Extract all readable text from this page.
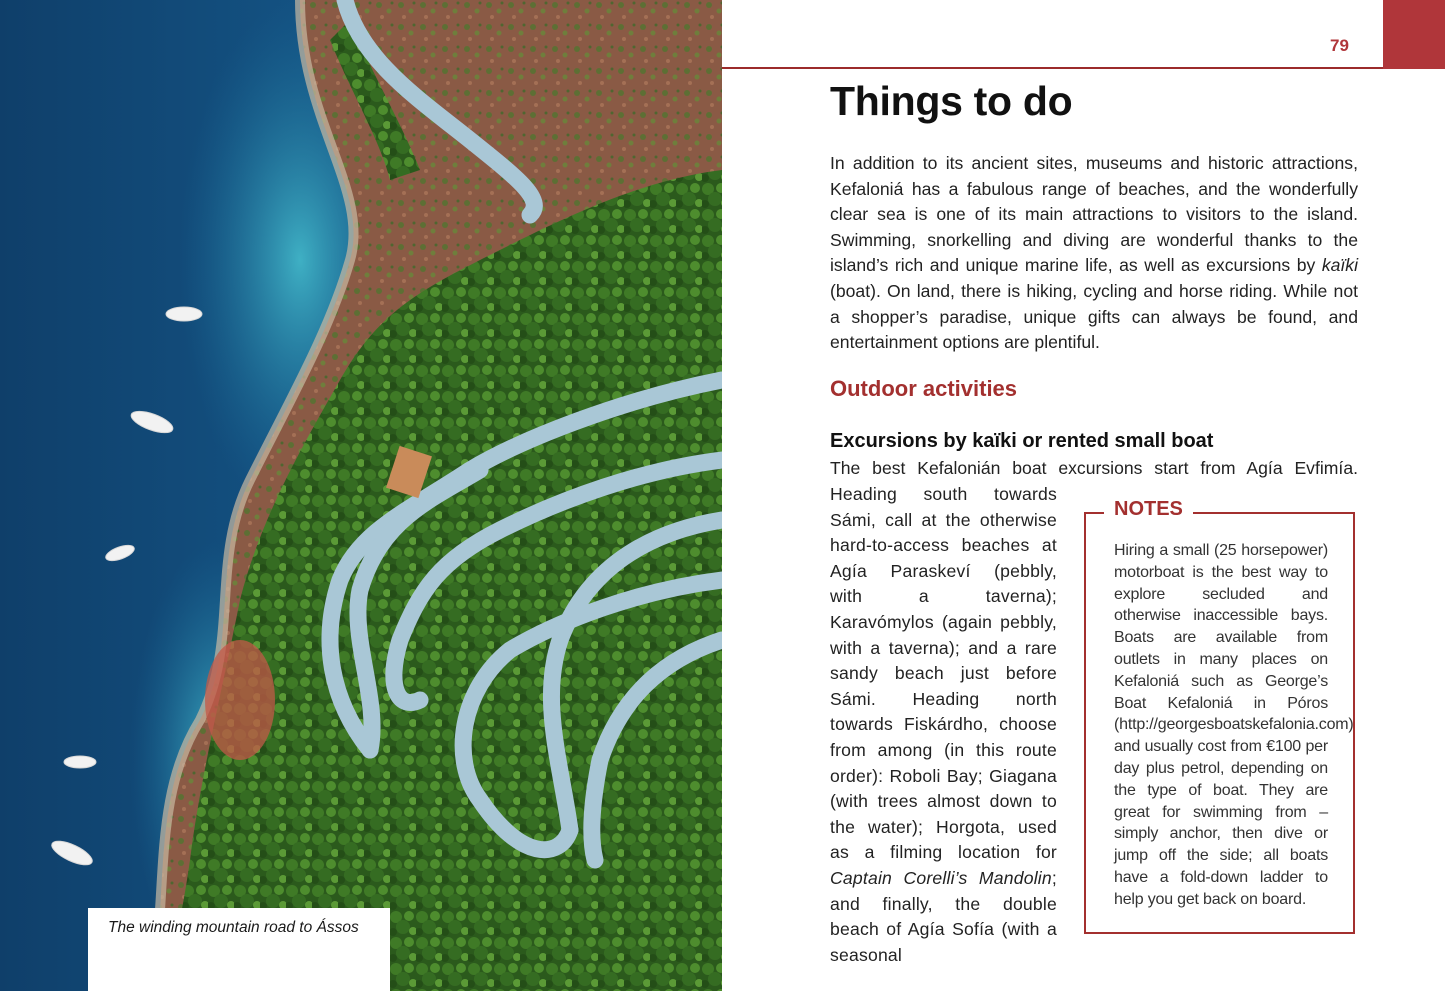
The winding mountain road to Ássos
79
Things to do

In addition to its ancient sites, museums and historic attractions, Kefaloniá has a fabulous range of beaches, and the wonderfully clear sea is one of its main attractions to visitors to the island. Swimming, snorkelling and diving are wonderful thanks to the island’s rich and unique marine life, as well as excursions by kaïki (boat). On land, there is hiking, cycling and horse riding. While not a shopper’s paradise, unique gifts can always be found, and entertainment options are plentiful.

Outdoor activities
Excursions by kaïki or rented small boat

The best Kefalonián boat excursions start from Agía Evfimía.

Heading south towards Sámi, call at the otherwise hard-to-access beaches at Agía Paraskeví (pebbly, with a taverna); Karavómylos (again pebbly, with a taverna); and a rare sandy beach just before Sámi. Heading north towards Fiskárdho, choose from among (in this route order): Roboli Bay; Giagana (with trees almost down to the water); Horgota, used as a filming location for Captain Corelli’s Mandolin; and finally, the double beach of Agía Sofía (with a seasonal

NOTES

Hiring a small (25 horsepower) motorboat is the best way to explore secluded and otherwise inaccessible bays. Boats are available from outlets in many places on Kefaloniá such as George’s Boat Kefaloniá in Póros (http://georgesboatskefalonia.com) and usually cost from €100 per day plus petrol, depending on the type of boat. They are great for swimming from – simply anchor, then dive or jump off the side; all boats have a fold-down ladder to help you get back on board.
